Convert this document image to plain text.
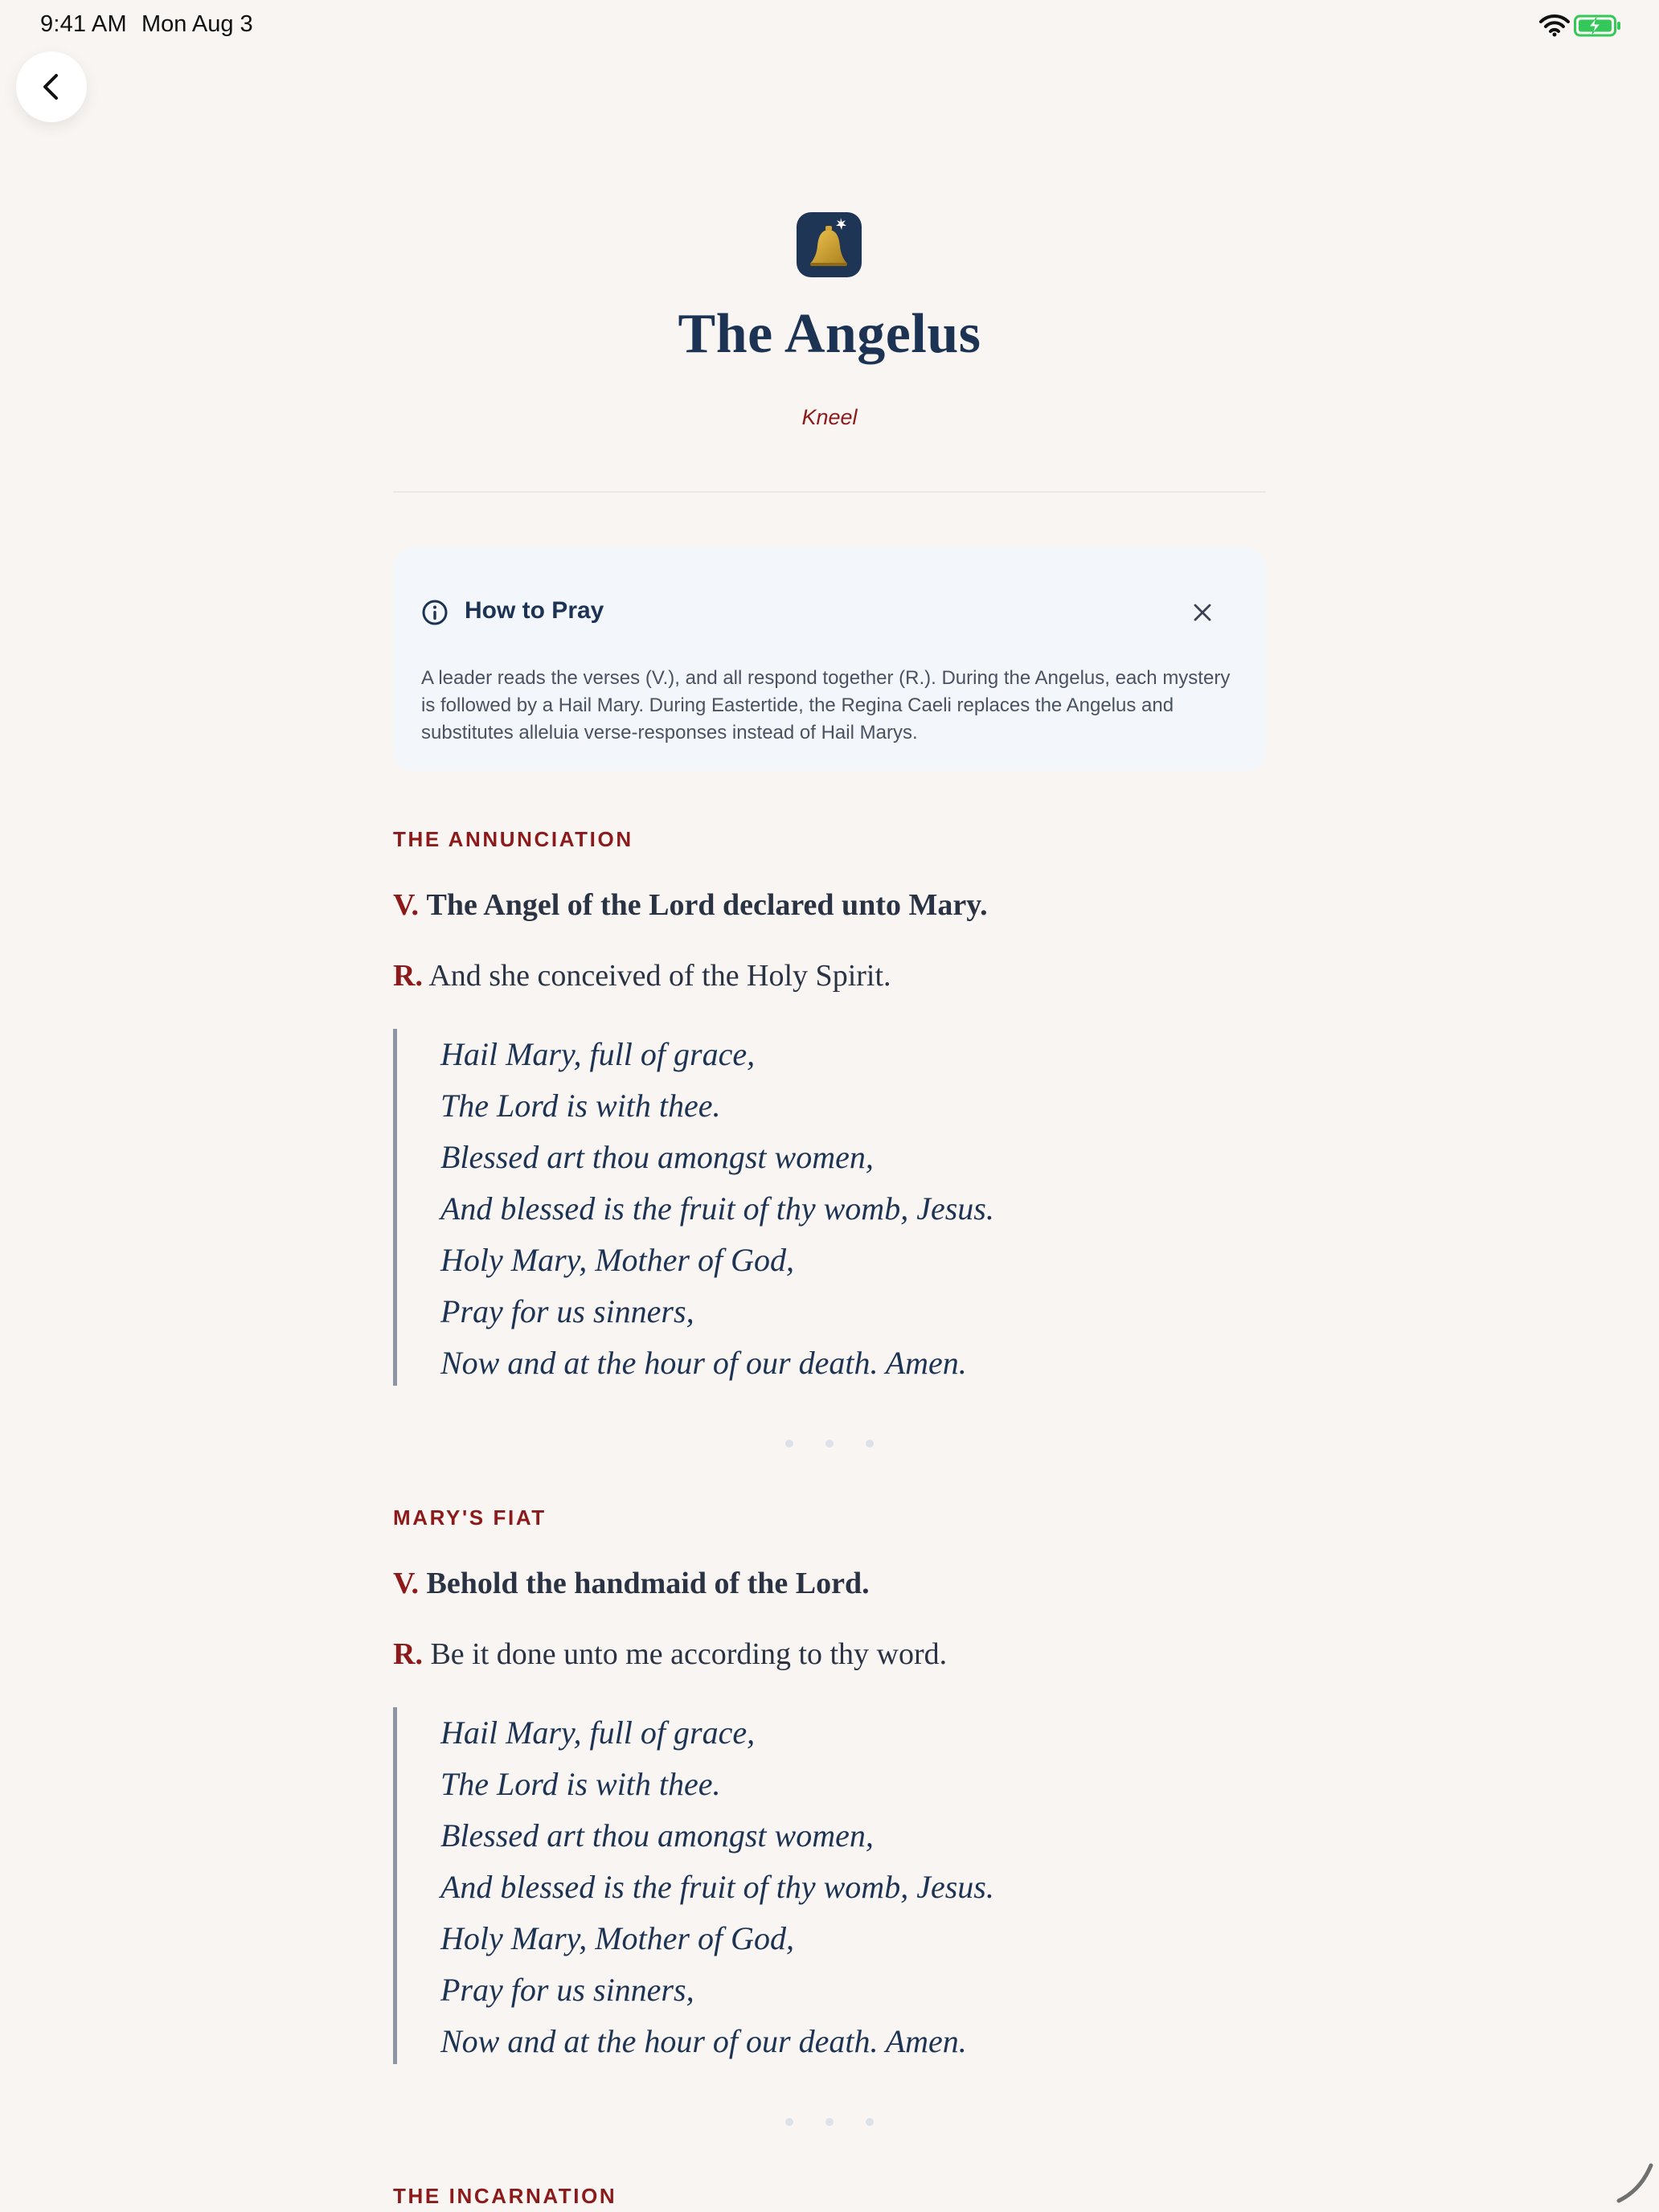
9:41 AM Mon Aug 3
The Angelus
Kneel
How to Pray
A leader reads the verses (V.), and all respond together (R.). During the Angelus, each mystery is followed by a Hail Mary. During Eastertide, the Regina Caeli replaces the Angelus and substitutes alleluia verse-responses instead of Hail Marys.
THE ANNUNCIATION
V. The Angel of the Lord declared unto Mary.
R. And she conceived of the Holy Spirit.
Hail Mary, full of grace,
The Lord is with thee.
Blessed art thou amongst women,
And blessed is the fruit of thy womb, Jesus.
Holy Mary, Mother of God,
Pray for us sinners,
Now and at the hour of our death. Amen.
MARY'S FIAT
V. Behold the handmaid of the Lord.
R. Be it done unto me according to thy word.
Hail Mary, full of grace,
The Lord is with thee.
Blessed art thou amongst women,
And blessed is the fruit of thy womb, Jesus.
Holy Mary, Mother of God,
Pray for us sinners,
Now and at the hour of our death. Amen.
THE INCARNATION
